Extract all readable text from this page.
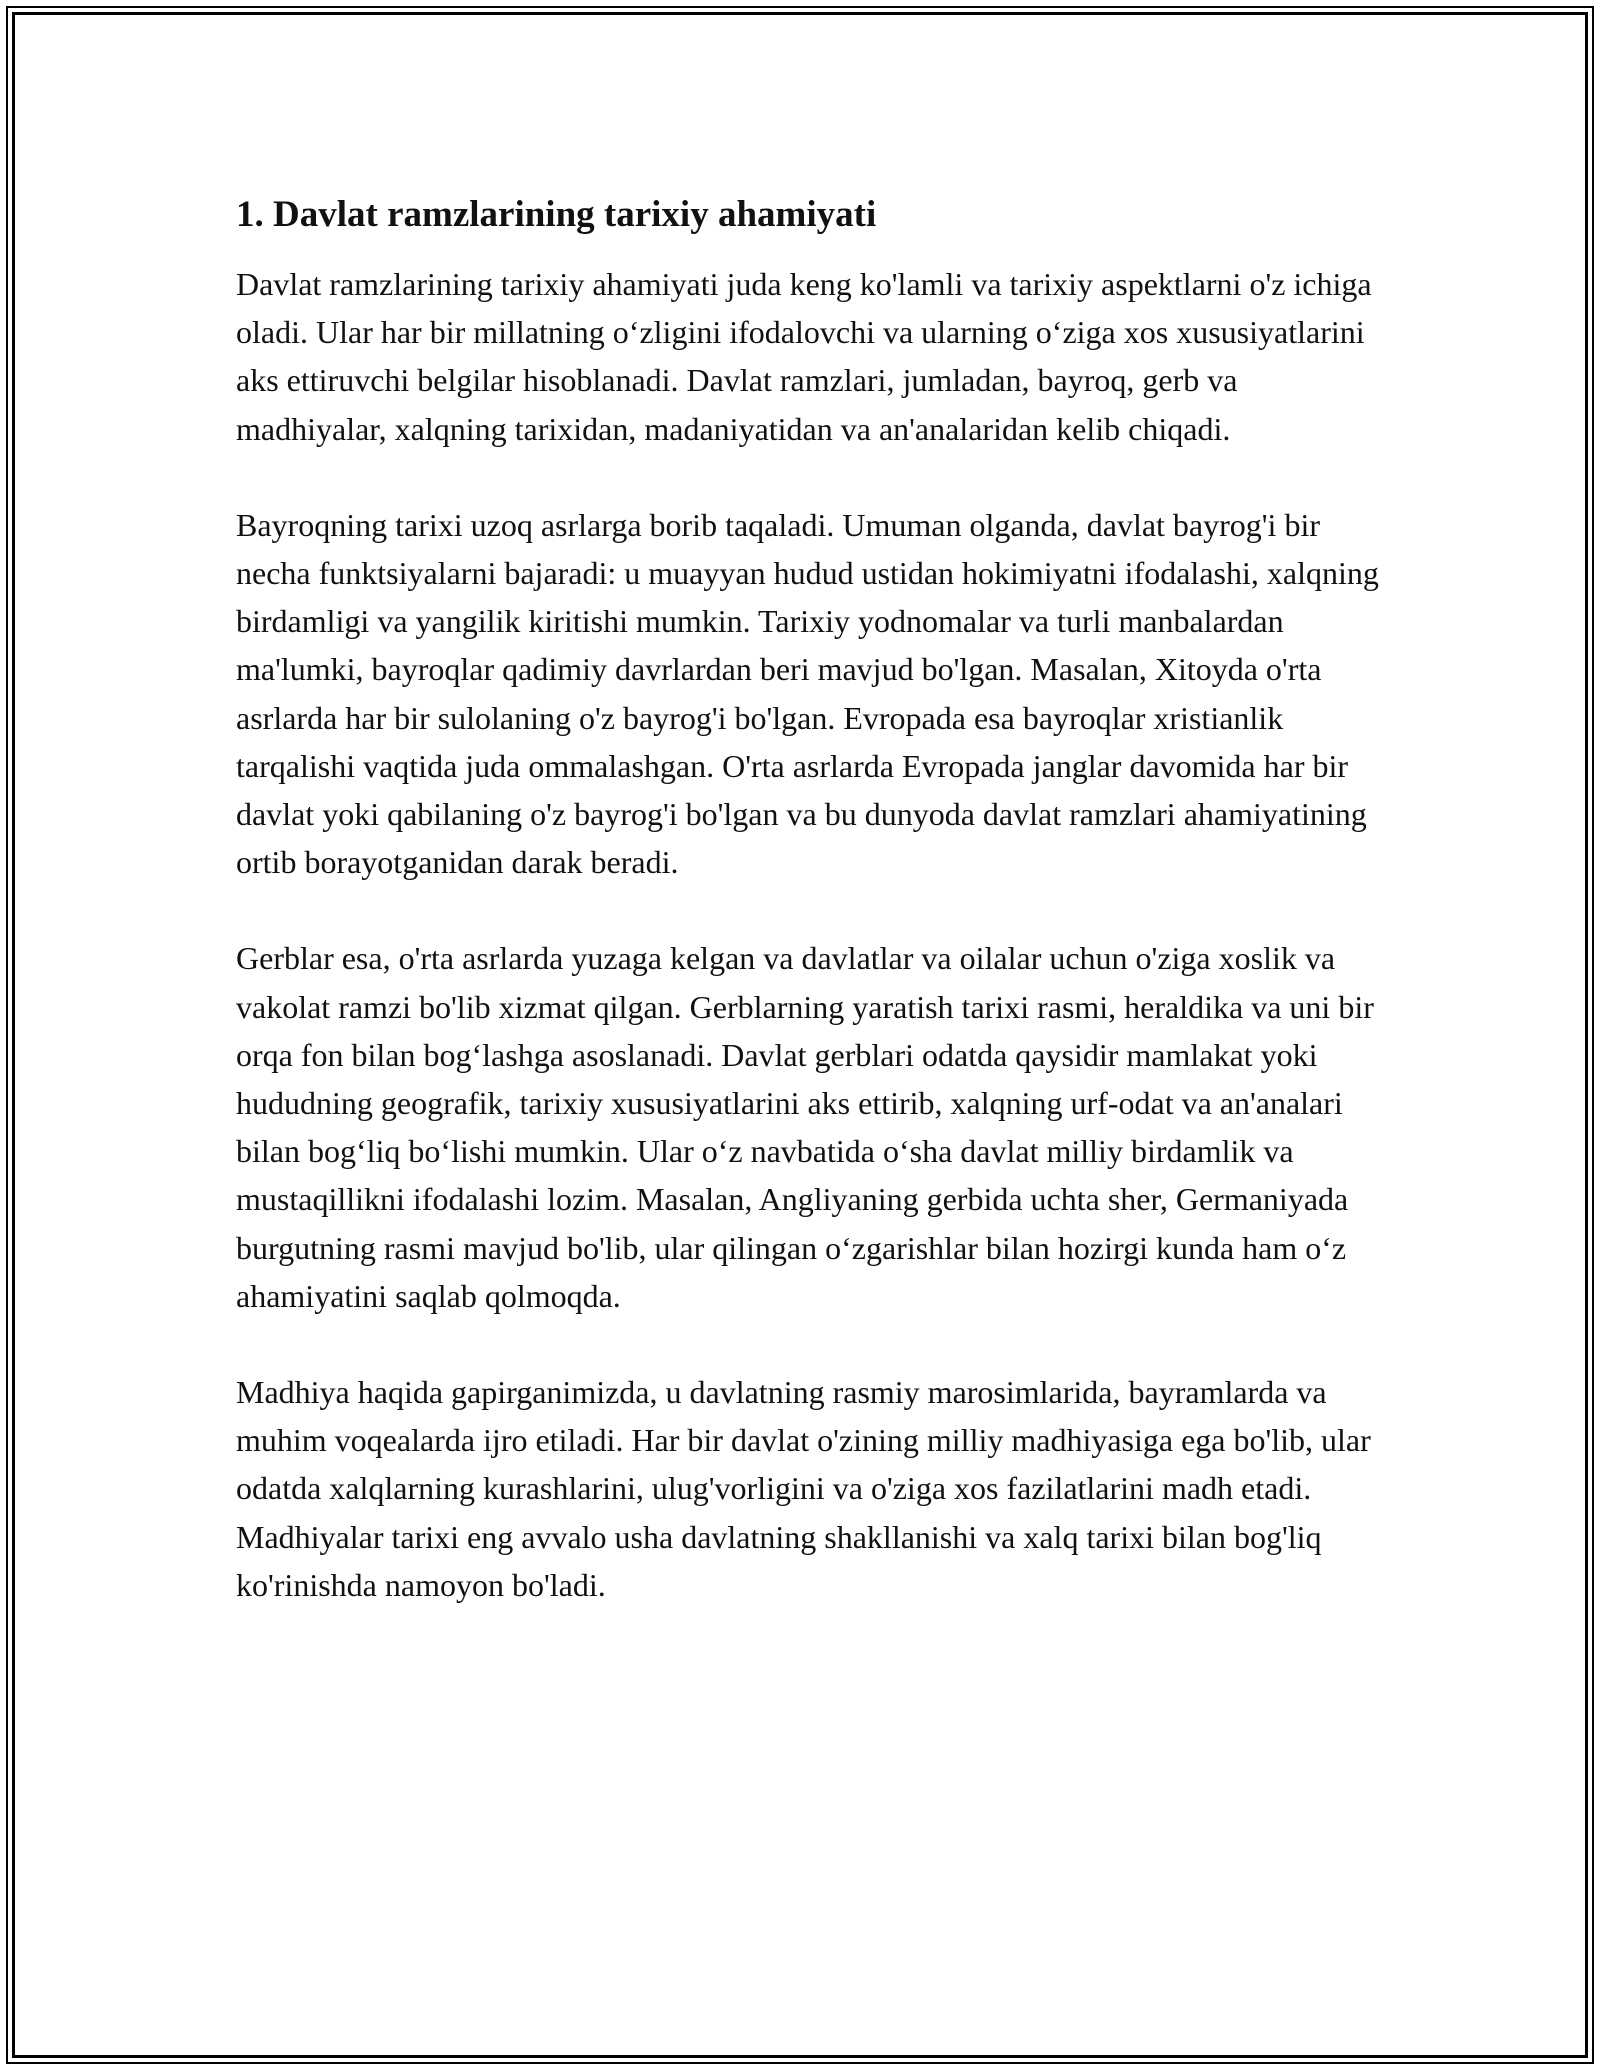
1. Davlat ramzlarining tarixiy ahamiyati

Davlat ramzlarining tarixiy ahamiyati juda keng ko'lamli va tarixiy aspektlarni o'z ichiga oladi. Ular har bir millatning o‘zligini ifodalovchi va ularning o‘ziga xos xususiyatlarini aks ettiruvchi belgilar hisoblanadi. Davlat ramzlari, jumladan, bayroq, gerb va madhiyalar, xalqning tarixidan, madaniyatidan va an'analaridan kelib chiqadi.

Bayroqning tarixi uzoq asrlarga borib taqaladi. Umuman olganda, davlat bayrog'i bir necha funktsiyalarni bajaradi: u muayyan hudud ustidan hokimiyatni ifodalashi, xalqning birdamligi va yangilik kiritishi mumkin. Tarixiy yodnomalar va turli manbalardan ma'lumki, bayroqlar qadimiy davrlardan beri mavjud bo'lgan. Masalan, Xitoyda o'rta asrlarda har bir sulolaning o'z bayrog'i bo'lgan. Evropada esa bayroqlar xristianlik tarqalishi vaqtida juda ommalashgan. O'rta asrlarda Evropada janglar davomida har bir davlat yoki qabilaning o'z bayrog'i bo'lgan va bu dunyoda davlat ramzlari ahamiyatining ortib borayotganidan darak beradi.

Gerblar esa, o'rta asrlarda yuzaga kelgan va davlatlar va oilalar uchun o'ziga xoslik va vakolat ramzi bo'lib xizmat qilgan. Gerblarning yaratish tarixi rasmi, heraldika va uni bir orqa fon bilan bog‘lashga asoslanadi. Davlat gerblari odatda qaysidir mamlakat yoki hududning geografik, tarixiy xususiyatlarini aks ettirib, xalqning urf-odat va an'analari bilan bog‘liq bo‘lishi mumkin. Ular o‘z navbatida o‘sha davlat milliy birdamlik va mustaqillikni ifodalashi lozim. Masalan, Angliyaning gerbida uchta sher, Germaniyada burgutning rasmi mavjud bo'lib, ular qilingan o‘zgarishlar bilan hozirgi kunda ham o‘z ahamiyatini saqlab qolmoqda.

Madhiya haqida gapirganimizda, u davlatning rasmiy marosimlarida, bayramlarda va muhim voqealarda ijro etiladi. Har bir davlat o'zining milliy madhiyasiga ega bo'lib, ular odatda xalqlarning kurashlarini, ulug'vorligini va o'ziga xos fazilatlarini madh etadi. Madhiyalar tarixi eng avvalo usha davlatning shakllanishi va xalq tarixi bilan bog'liq ko'rinishda namoyon bo'ladi.
